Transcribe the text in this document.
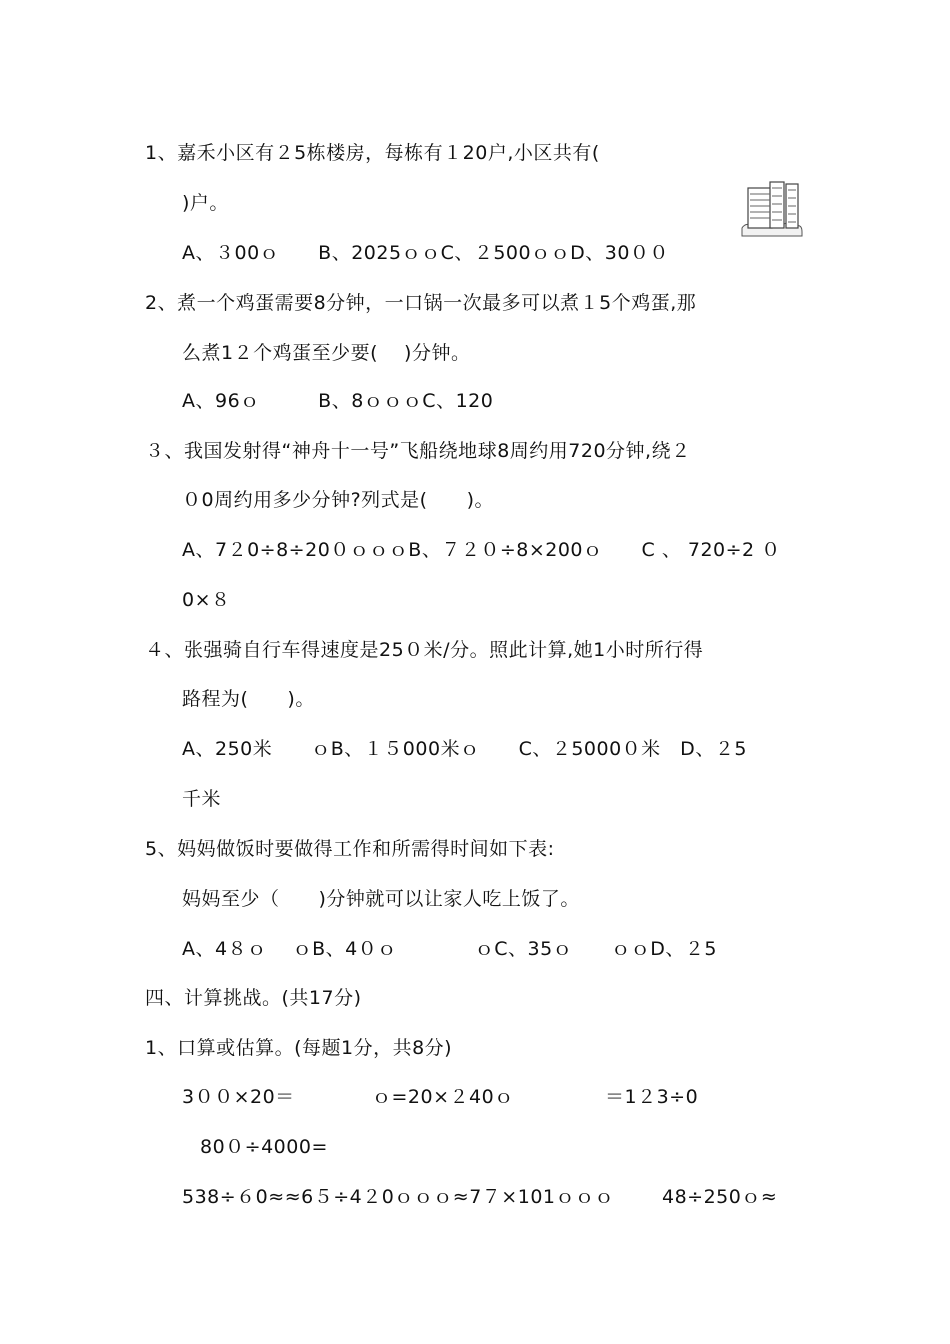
1、嘉禾小区有２5栋楼房，每栋有１20户,小区共有(
)户。
A、３00ｏ　　B、2025ｏｏC、２500ｏｏD、30００
2、煮一个鸡蛋需要8分钟，一口锅一次最多可以煮１5个鸡蛋,那
么煮1２个鸡蛋至少要(　 )分钟。
A、96ｏ　　　B、8ｏｏｏC、120
３、我国发射得“神舟十一号”飞船绕地球8周约用720分钟,绕２
０0周约用多少分钟?列式是(　　)。
A、7２0÷8÷20０ｏｏｏB、７２０÷8×200ｏ　　C 、 720÷2 ０
0×８
４、张强骑自行车得速度是25０米/分。照此计算,她1小时所行得
路程为(　　)。
A、250米　　ｏB、１５000米ｏ　　C、２5000０米　D、２5
千米
5、妈妈做饭时要做得工作和所需得时间如下表:
妈妈至少（　　)分钟就可以让家人吃上饭了。
A、4８ｏ　 ｏB、4０ｏ　　　　ｏC、35ｏ　　ｏｏD、２5
四、计算挑战。(共17分)
1、口算或估算。(每题1分，共8分)
3００×20＝	ｏ=20×２40ｏ	＝1２3÷0
80０÷4000=
538÷６0≈≈6５÷4２0ｏｏｏ≈7７×101ｏｏｏ	48÷250ｏ≈
